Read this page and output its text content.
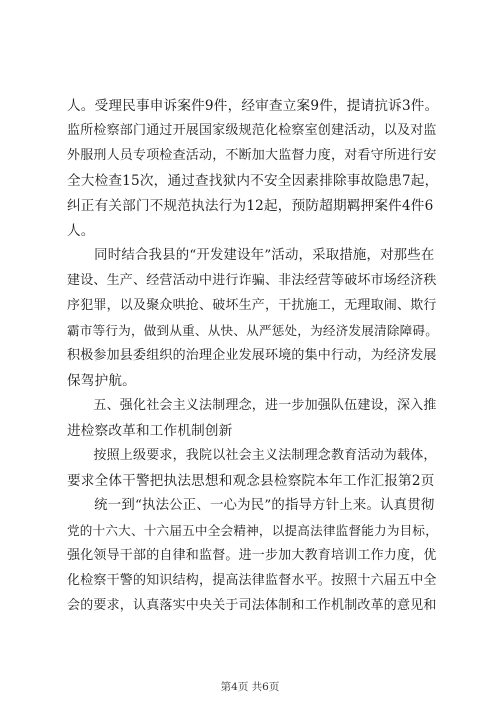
人。受理民事申诉案件9件，经审查立案9件，提请抗诉3件。
监所检察部门通过开展国家级规范化检察室创建活动，以及对监
外服刑人员专项检查活动，不断加大监督力度，对看守所进行安
全大检查15次，通过查找狱内不安全因素排除事故隐患7起，
纠正有关部门不规范执法行为12起，预防超期羁押案件4件6
人。
　　同时结合我县的“开发建设年”活动，采取措施，对那些在
建设、生产、经营活动中进行诈骗、非法经营等破坏市场经济秩
序犯罪，以及聚众哄抢、破坏生产，干扰施工，无理取闹、欺行
霸市等行为，做到从重、从快、从严惩处，为经济发展清除障碍。
积极参加县委组织的治理企业发展环境的集中行动，为经济发展
保驾护航。
　　五、强化社会主义法制理念，进一步加强队伍建设，深入推
进检察改革和工作机制创新
　　按照上级要求，我院以社会主义法制理念教育活动为载体，
要求全体干警把执法思想和观念县检察院本年工作汇报第2页
　　统一到“执法公正、一心为民”的指导方针上来。认真贯彻
党的十六大、十六届五中全会精神，以提高法律监督能力为目标，
强化领导干部的自律和监督。进一步加大教育培训工作力度，优
化检察干警的知识结构，提高法律监督水平。按照十六届五中全
会的要求，认真落实中央关于司法体制和工作机制改革的意见和
第4页 共6页
